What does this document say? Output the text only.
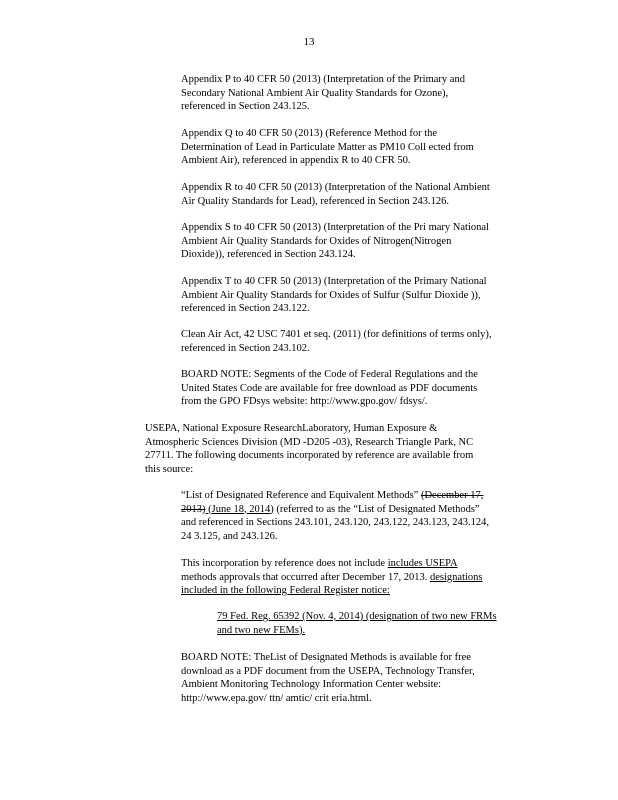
13
Appendix P to 40 CFR 50 (2013) (Interpretation of the Primary and
Secondary National Ambient Air Quality Standards for Ozone),
referenced in Section 243.125.
Appendix Q to 40 CFR 50 (2013) (Reference Method for the
Determination of Lead in Particulate Matter as PM10 Coll ected from
Ambient Air), referenced in appendix R to 40 CFR 50.
Appendix R to 40 CFR 50 (2013) (Interpretation of the National Ambient
Air Quality Standards for Lead), referenced in Section 243.126.
Appendix S to 40 CFR 50 (2013) (Interpretation of the Pri mary National
Ambient Air Quality Standards for Oxides of Nitrogen(Nitrogen
Dioxide)), referenced in Section 243.124.
Appendix T to 40 CFR 50 (2013) (Interpretation of the Primary National
Ambient Air Quality Standards for Oxides of Sulfur (Sulfur Dioxide )),
referenced in Section 243.122.
Clean Air Act, 42 USC 7401 et seq. (2011) (for definitions of terms only),
referenced in Section 243.102.
BOARD NOTE: Segments of the Code of Federal Regulations and the
United States Code are available for free download as PDF documents
from the GPO FDsys website: http://www.gpo.gov/ fdsys/.
USEPA, National Exposure ResearchLaboratory, Human Exposure &
Atmospheric Sciences Division (MD -D205 -03), Research Triangle Park, NC
27711. The following documents incorporated by reference are available from
this source:
“List of Designated Reference and Equivalent Methods” (December 17,
2013) (June 18, 2014) (referred to as the “List of Designated Methods”
and referenced in Sections 243.101, 243.120, 243.122, 243.123, 243.124,
24 3.125, and 243.126.
This incorporation by reference does not include includes USEPA
methods approvals that occurred after December 17, 2013. designations
included in the following Federal Register notice:
79 Fed. Reg. 65392 (Nov. 4, 2014) (designation of two new FRMs
and two new FEMs).
BOARD NOTE: TheList of Designated Methods is available for free
download as a PDF document from the USEPA, Technology Transfer,
Ambient Monitoring Technology Information Center website:
http://www.epa.gov/ ttn/ amtic/ crit eria.html.
